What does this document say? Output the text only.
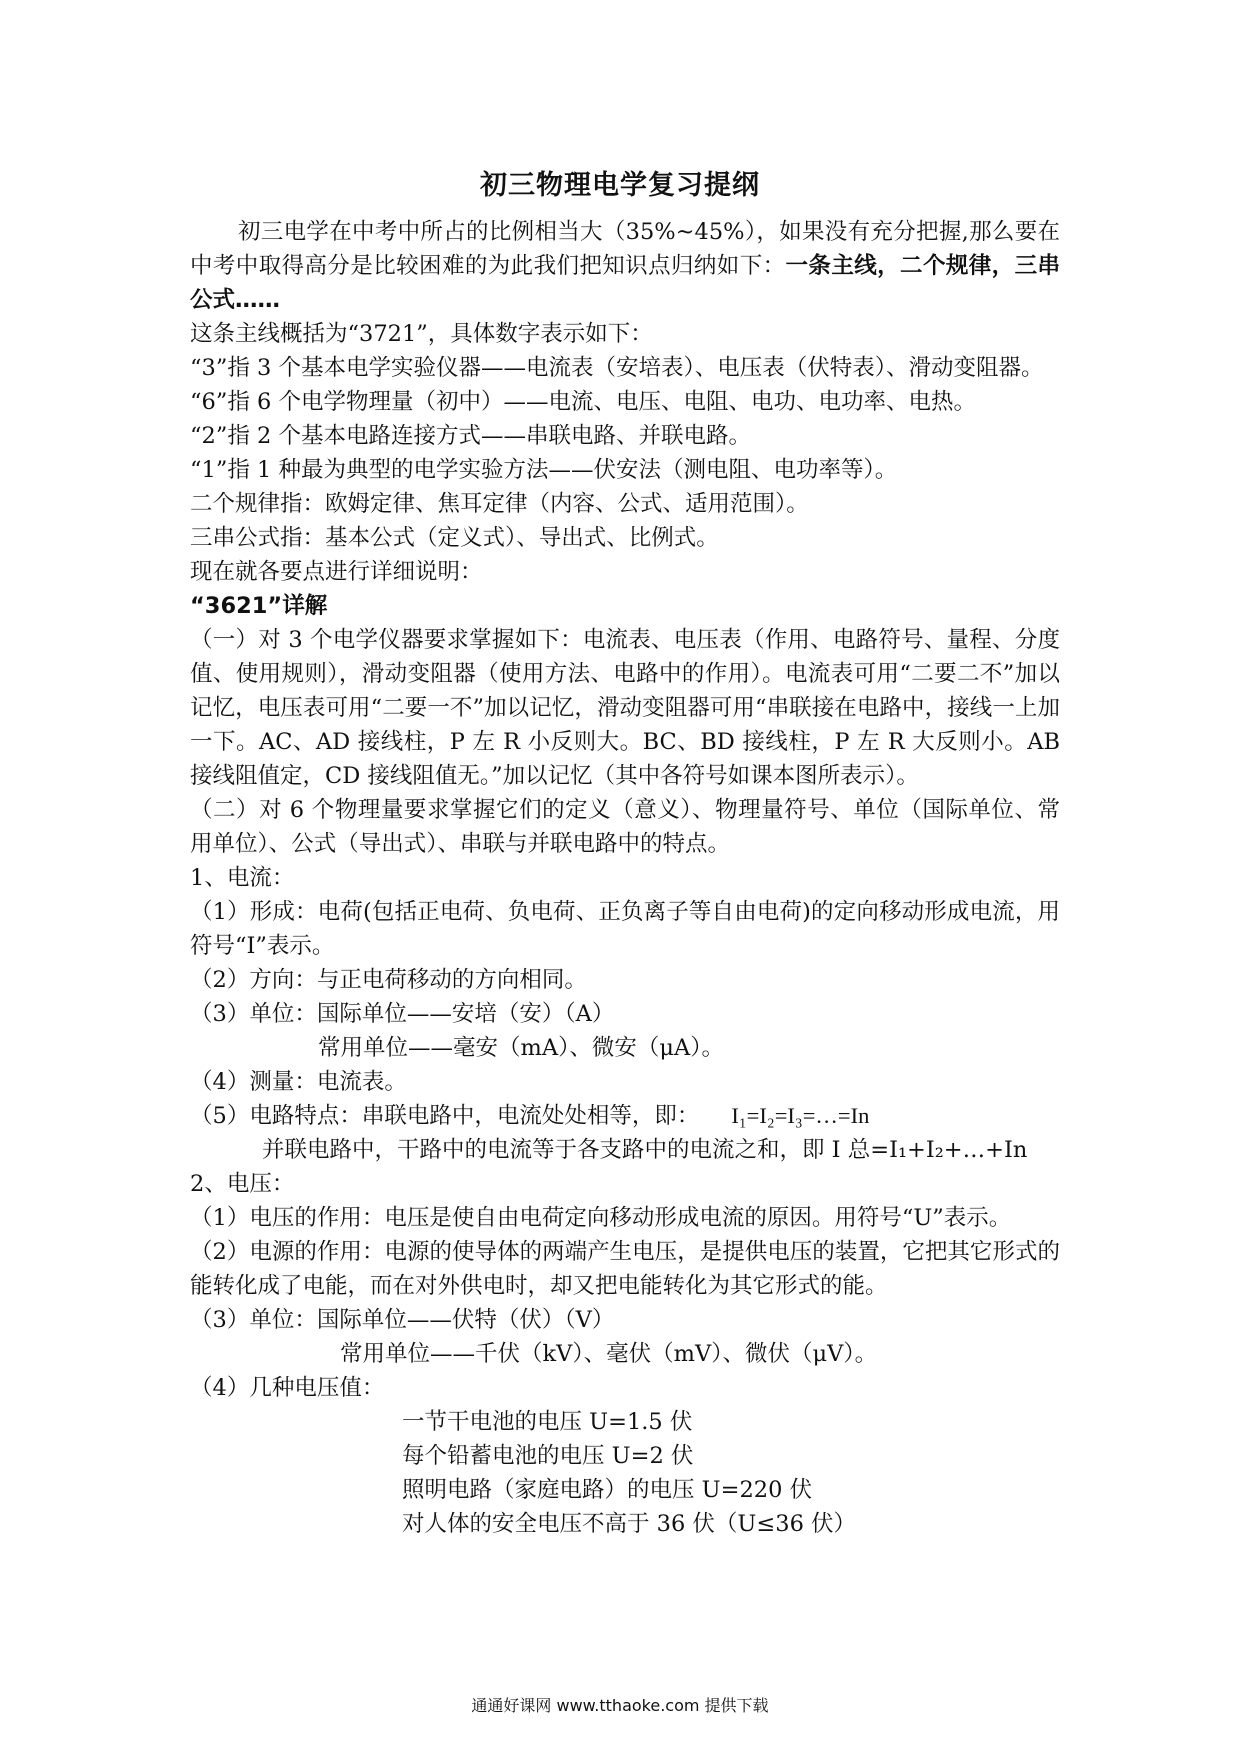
初三物理电学复习提纲

初三电学在中考中所占的比例相当大（35%~45%），如果没有充分把握,那么要在中考中取得高分是比较困难的为此我们把知识点归纳如下：一条主线，二个规律，三串公式……

这条主线概括为“3721”，具体数字表示如下：

“3”指 3 个基本电学实验仪器——电流表（安培表）、电压表（伏特表）、滑动变阻器。

“6”指 6 个电学物理量（初中）——电流、电压、电阻、电功、电功率、电热。

“2”指 2 个基本电路连接方式——串联电路、并联电路。

“1”指 1 种最为典型的电学实验方法——伏安法（测电阻、电功率等）。

二个规律指：欧姆定律、焦耳定律（内容、公式、适用范围）。

三串公式指：基本公式（定义式）、导出式、比例式。

现在就各要点进行详细说明：

“3621”详解

（一）对 3 个电学仪器要求掌握如下：电流表、电压表（作用、电路符号、量程、分度值、使用规则），滑动变阻器（使用方法、电路中的作用）。电流表可用“二要二不”加以记忆，电压表可用“二要一不”加以记忆，滑动变阻器可用“串联接在电路中，接线一上加一下。AC、AD 接线柱，P 左 R 小反则大。BC、BD 接线柱，P 左 R 大反则小。AB 接线阻值定，CD 接线阻值无。”加以记忆（其中各符号如课本图所表示）。

（二）对 6 个物理量要求掌握它们的定义（意义）、物理量符号、单位（国际单位、常用单位）、公式（导出式）、串联与并联电路中的特点。

1、电流：

（1）形成：电荷(包括正电荷、负电荷、正负离子等自由电荷)的定向移动形成电流，用符号“I”表示。

（2）方向：与正电荷移动的方向相同。

（3）单位：国际单位——安培（安）（A）

常用单位——毫安（mA）、微安（μA）。

（4）测量：电流表。

（5）电路特点：串联电路中，电流处处相等，即： I₁=I₂=I₃=…=In

并联电路中，干路中的电流等于各支路中的电流之和，即 I 总=I₁+I₂+…+In

2、电压：

（1）电压的作用：电压是使自由电荷定向移动形成电流的原因。用符号“U”表示。

（2）电源的作用：电源的使导体的两端产生电压，是提供电压的装置，它把其它形式的能转化成了电能，而在对外供电时，却又把电能转化为其它形式的能。

（3）单位：国际单位——伏特（伏）（V）

常用单位——千伏（kV）、毫伏（mV）、微伏（μV）。

（4）几种电压值：

一节干电池的电压 U=1.5 伏

每个铅蓄电池的电压 U=2 伏

照明电路（家庭电路）的电压 U=220 伏

对人体的安全电压不高于 36 伏（U≤36 伏）

通通好课网 www.tthaoke.com 提供下载
